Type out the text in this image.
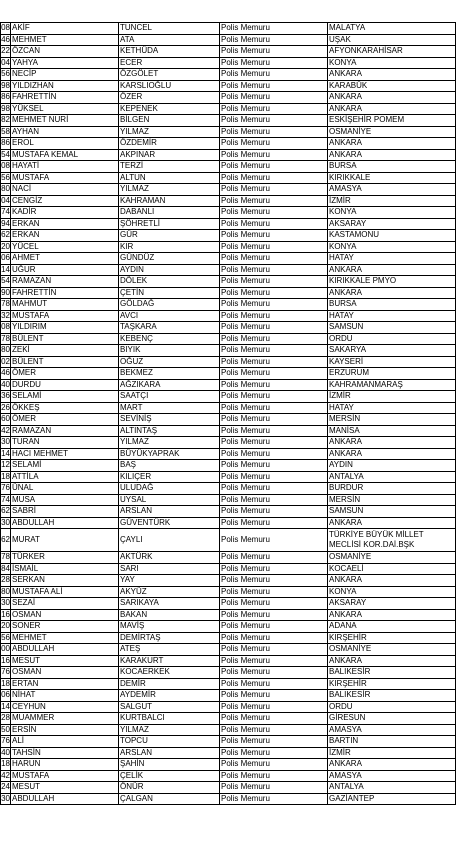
08	AKİF	TUNCEL	Polis Memuru	MALATYA
46	MEHMET	ATA	Polis Memuru	UŞAK
22	ÖZCAN	KETHÜDA	Polis Memuru	AFYONKARAHİSAR
04	YAHYA	ECER	Polis Memuru	KONYA
56	NECİP	ÖZGÖLET	Polis Memuru	ANKARA
98	YILDIZHAN	KARSLIOĞLU	Polis Memuru	KARABÜK
86	FAHRETTİN	ÖZER	Polis Memuru	ANKARA
98	YÜKSEL	KEPENEK	Polis Memuru	ANKARA
82	MEHMET NURİ	BİLGEN	Polis Memuru	ESKİŞEHİR POMEM
58	AYHAN	YILMAZ	Polis Memuru	OSMANİYE
86	EROL	ÖZDEMİR	Polis Memuru	ANKARA
54	MUSTAFA KEMAL	AKPINAR	Polis Memuru	ANKARA
08	HAYATİ	TERZİ	Polis Memuru	BURSA
56	MUSTAFA	ALTUN	Polis Memuru	KIRIKKALE
80	NACİ	YILMAZ	Polis Memuru	AMASYA
04	CENGİZ	KAHRAMAN	Polis Memuru	İZMİR
74	KADİR	DABANLI	Polis Memuru	KONYA
94	ERKAN	ŞÖHRETLİ	Polis Memuru	AKSARAY
62	ERKAN	GÜR	Polis Memuru	KASTAMONU
20	YÜCEL	KIR	Polis Memuru	KONYA
06	AHMET	GÜNDÜZ	Polis Memuru	HATAY
14	UĞUR	AYDIN	Polis Memuru	ANKARA
54	RAMAZAN	DÖLEK	Polis Memuru	KIRIKKALE PMYO
90	FAHRETTİN	ÇETİN	Polis Memuru	ANKARA
78	MAHMUT	GÖLDAĞ	Polis Memuru	BURSA
32	MUSTAFA	AVCI	Polis Memuru	HATAY
08	YILDIRIM	TAŞKARA	Polis Memuru	SAMSUN
78	BÜLENT	KEBENÇ	Polis Memuru	ORDU
80	ZEKİ	BIYIK	Polis Memuru	SAKARYA
02	BÜLENT	OĞUZ	Polis Memuru	KAYSERİ
46	ÖMER	BEKMEZ	Polis Memuru	ERZURUM
40	DURDU	AĞZIKARA	Polis Memuru	KAHRAMANMARAŞ
36	SELAMİ	SAATÇI	Polis Memuru	İZMİR
26	ÖKKEŞ	MART	Polis Memuru	HATAY
60	ÖMER	SEVİNİŞ	Polis Memuru	MERSİN
42	RAMAZAN	ALTINTAŞ	Polis Memuru	MANİSA
30	TURAN	YILMAZ	Polis Memuru	ANKARA
14	HACI MEHMET	BÜYÜKYAPRAK	Polis Memuru	ANKARA
12	SELAMİ	BAŞ	Polis Memuru	AYDIN
18	ATTİLA	KILIÇER	Polis Memuru	ANTALYA
76	ÜNAL	ULUDAĞ	Polis Memuru	BURDUR
74	MUSA	UYSAL	Polis Memuru	MERSİN
62	SABRİ	ARSLAN	Polis Memuru	SAMSUN
30	ABDULLAH	GÜVENTÜRK	Polis Memuru	ANKARA
62	MURAT	ÇAYLI	Polis Memuru	TÜRKİYE BÜYÜK MİLLET MECLİSİ KOR.DAİ.BŞK
78	TÜRKER	AKTÜRK	Polis Memuru	OSMANİYE
84	İSMAİL	SARI	Polis Memuru	KOCAELİ
28	SERKAN	YAY	Polis Memuru	ANKARA
80	MUSTAFA ALİ	AKYÜZ	Polis Memuru	KONYA
30	SEZAİ	SARIKAYA	Polis Memuru	AKSARAY
16	OSMAN	BAKAN	Polis Memuru	ANKARA
20	SONER	MAVİŞ	Polis Memuru	ADANA
56	MEHMET	DEMİRTAŞ	Polis Memuru	KIRŞEHİR
00	ABDULLAH	ATEŞ	Polis Memuru	OSMANİYE
16	MESUT	KARAKURT	Polis Memuru	ANKARA
76	OSMAN	KOCAERKEK	Polis Memuru	BALIKESİR
18	ERTAN	DEMİR	Polis Memuru	KIRŞEHİR
06	NİHAT	AYDEMİR	Polis Memuru	BALIKESİR
14	CEYHUN	SALGUT	Polis Memuru	ORDU
28	MUAMMER	KURTBALCI	Polis Memuru	GİRESUN
50	ERSİN	YILMAZ	Polis Memuru	AMASYA
76	ALİ	TOPCU	Polis Memuru	BARTIN
40	TAHSİN	ARSLAN	Polis Memuru	İZMİR
18	HARUN	ŞAHİN	Polis Memuru	ANKARA
42	MUSTAFA	ÇELİK	Polis Memuru	AMASYA
24	MESUT	ÖNÜR	Polis Memuru	ANTALYA
30	ABDULLAH	ÇALGAN	Polis Memuru	GAZİANTEP
